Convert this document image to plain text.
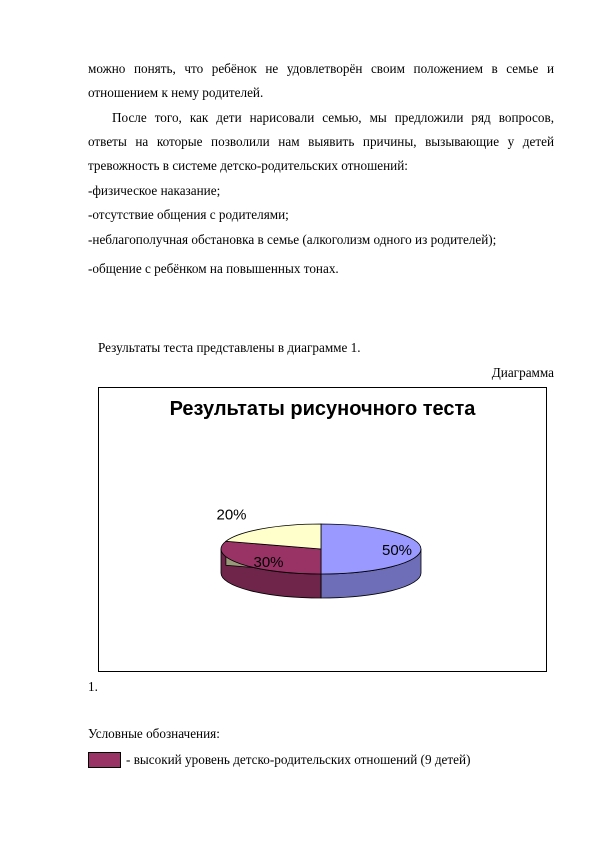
можно понять, что ребёнок не удовлетворён своим положением в семье и

отношением к нему родителей.

После того, как дети нарисовали семью, мы предложили ряд вопросов,

ответы на которые позволили нам выявить причины, вызывающие у детей

тревожность в системе детско-родительских отношений:

-физическое наказание;

-отсутствие общения с родителями;

-неблагополучная обстановка в семье (алкоголизм одного из родителей);

-общение с ребёнком на повышенных тонах.

Результаты теста представлены в диаграмме 1.

Диаграмма

Результаты рисуночного теста
50%
30%
20%

1.

Условные обозначения:

- высокий уровень детско-родительских отношений (9 детей)
